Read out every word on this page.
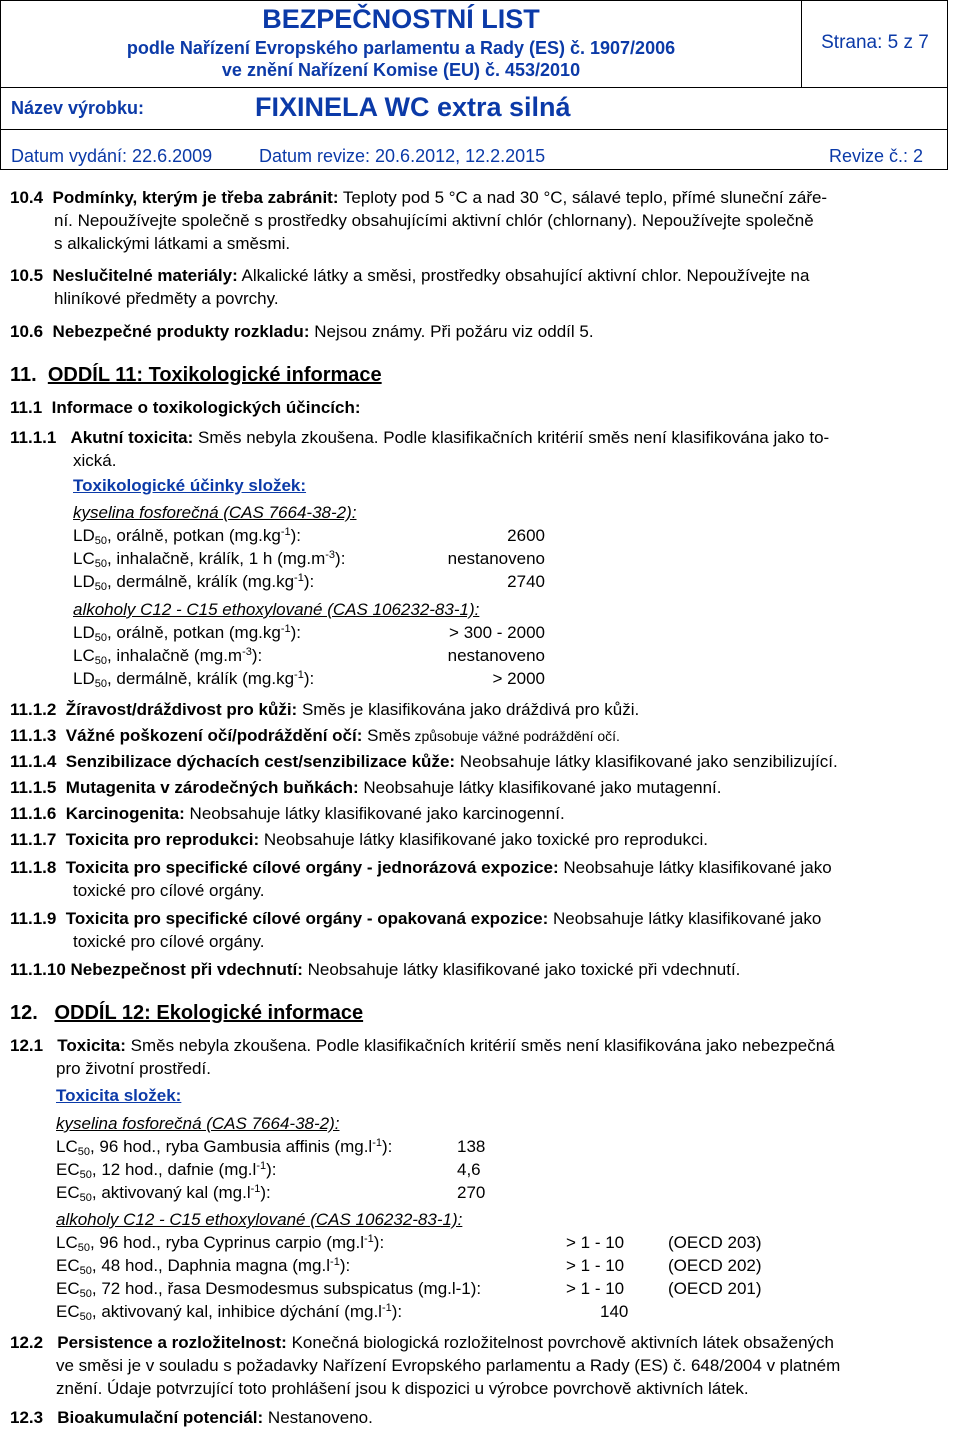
BEZPEČNOSTNÍ LIST
podle Nařízení Evropského parlamentu a Rady (ES) č. 1907/2006
ve znění Nařízení Komise (EU) č. 453/2010
Strana: 5 z 7
Název výrobku:	FIXINELA WC extra silná
Datum vydání: 22.6.2009	Datum revize: 20.6.2012, 12.2.2015	Revize č.: 2
10.4 Podmínky, kterým je třeba zabránit: Teploty pod 5 °C a nad 30 °C, sálavé teplo, přímé sluneční záře-
ní. Nepoužívejte společně s prostředky obsahujícími aktivní chlór (chlornany). Nepoužívejte společně
s alkalickými látkami a směsmi.
10.5 Neslučitelné materiály: Alkalické látky a směsi, prostředky obsahující aktivní chlor. Nepoužívejte na
hliníkové předměty a povrchy.
10.6 Nebezpečné produkty rozkladu: Nejsou známy. Při požáru viz oddíl 5.
11. ODDÍL 11: Toxikologické informace
11.1 Informace o toxikologických účincích:
11.1.1 Akutní toxicita: Směs nebyla zkoušena. Podle klasifikačních kritérií směs není klasifikována jako to-
xická.
Toxikologické účinky složek:
kyselina fosforečná (CAS 7664-38-2):
$LD_{50}$, orálně, potkan $(mg.kg^{-1})$:	2600
$LC_{50}$, inhalačně, králík, 1 h $(mg.m^{-3})$:	nestanoveno
$LD_{50}$, dermálně, králík $(mg.kg^{-1})$:	2740
alkoholy C12 - C15 ethoxylované (CAS 106232-83-1):
$LD_{50}$, orálně, potkan $(mg.kg^{-1})$:	> 300 - 2000
$LC_{50}$, inhalačně $(mg.m^{-3})$:	nestanoveno
$LD_{50}$, dermálně, králík $(mg.kg^{-1})$:	> 2000
11.1.2 Žíravost/dráždivost pro kůži: Směs je klasifikována jako dráždivá pro kůži.
11.1.3 Vážné poškození očí/podráždění očí: Směs způsobuje vážné podráždění očí.
11.1.4 Senzibilizace dýchacích cest/senzibilizace kůže: Neobsahuje látky klasifikované jako senzibilizující.
11.1.5 Mutagenita v zárodečných buňkách: Neobsahuje látky klasifikované jako mutagenní.
11.1.6 Karcinogenita: Neobsahuje látky klasifikované jako karcinogenní.
11.1.7 Toxicita pro reprodukci: Neobsahuje látky klasifikované jako toxické pro reprodukci.
11.1.8 Toxicita pro specifické cílové orgány - jednorázová expozice: Neobsahuje látky klasifikované jako
toxické pro cílové orgány.
11.1.9 Toxicita pro specifické cílové orgány - opakovaná expozice: Neobsahuje látky klasifikované jako
toxické pro cílové orgány.
11.1.10 Nebezpečnost při vdechnutí: Neobsahuje látky klasifikované jako toxické při vdechnutí.
12. ODDÍL 12: Ekologické informace
12.1 Toxicita: Směs nebyla zkoušena. Podle klasifikačních kritérií směs není klasifikována jako nebezpečná
pro životní prostředí.
Toxicita složek:
kyselina fosforečná (CAS 7664-38-2):
$LC_{50}$, 96 hod., ryba Gambusia affinis $(mg.l^{-1})$:	138
$EC_{50}$, 12 hod., dafnie $(mg.l^{-1})$:	4,6
$EC_{50}$, aktivovaný kal $(mg.l^{-1})$:	270
alkoholy C12 - C15 ethoxylované (CAS 106232-83-1):
$LC_{50}$, 96 hod., ryba Cyprinus carpio $(mg.l^{-1})$:	> 1 - 10	(OECD 203)
$EC_{50}$, 48 hod., Daphnia magna $(mg.l^{-1})$:	> 1 - 10	(OECD 202)
$EC_{50}$, 72 hod., řasa Desmodesmus subspicatus (mg.l-1):	> 1 - 10	(OECD 201)
$EC_{50}$, aktivovaný kal, inhibice dýchání $(mg.l^{-1})$:	140
12.2 Persistence a rozložitelnost: Konečná biologická rozložitelnost povrchově aktivních látek obsažených
ve směsi je v souladu s požadavky Nařízení Evropského parlamentu a Rady (ES) č. 648/2004 v platném
znění. Údaje potvrzující toto prohlášení jsou k dispozici u výrobce povrchově aktivních látek.
12.3 Bioakumulační potenciál: Nestanoveno.
